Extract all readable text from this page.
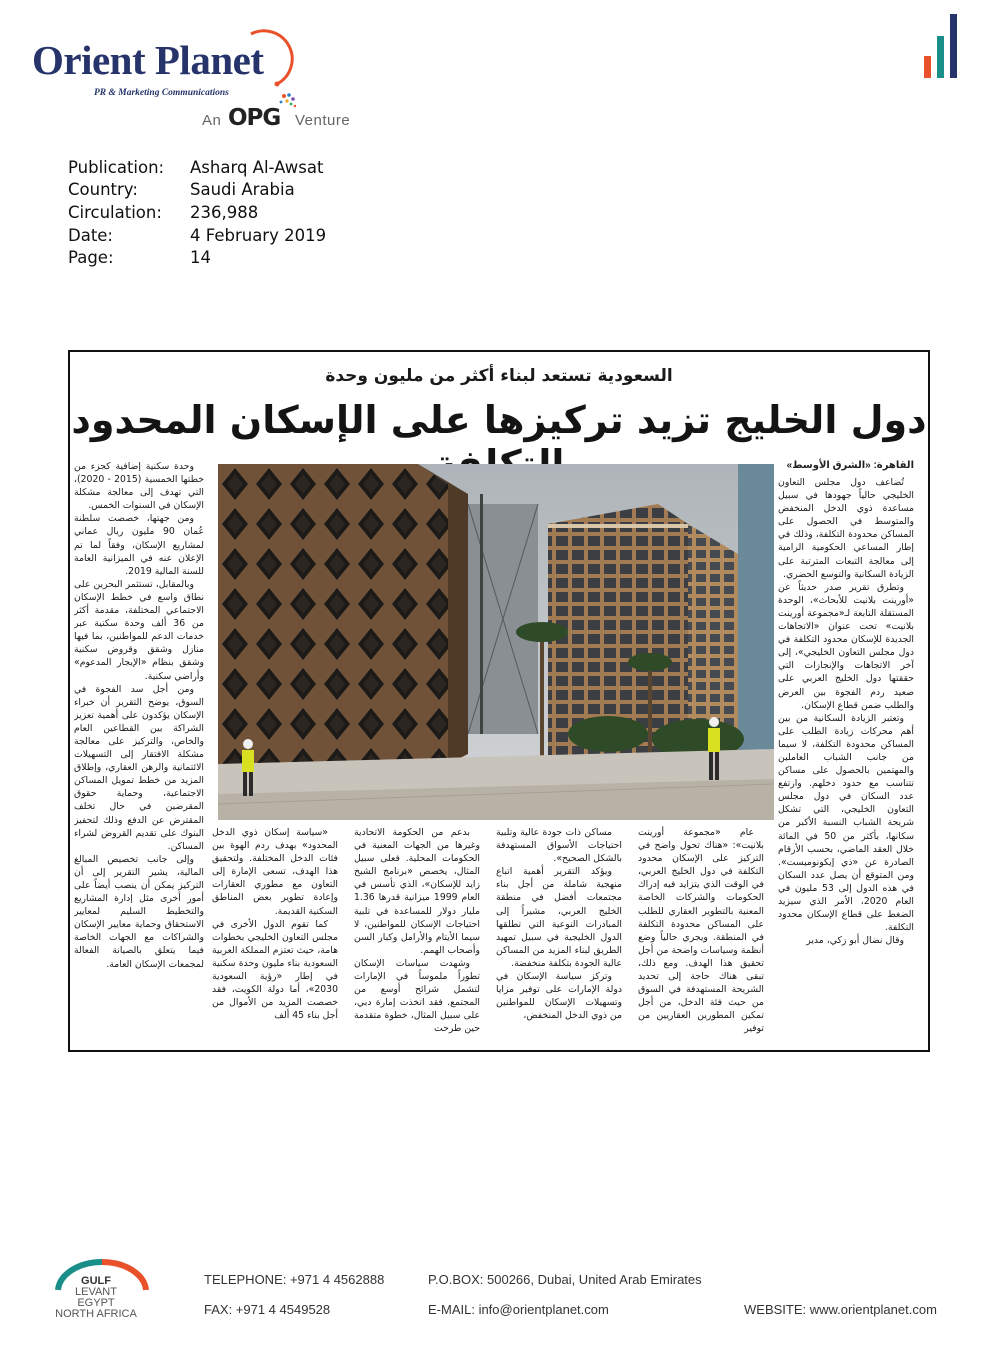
Orient Planet
PR & Marketing Communications
An OPG Venture
Publication:	Asharq Al-Awsat
Country:	Saudi Arabia
Circulation:	236,988
Date:	4 February 2019
Page:	14
السعودية تستعد لبناء أكثر من مليون وحدة
دول الخليج تزيد تركيزها على الإسكان المحدود
القاهرة: «الشرق الأوسط»

تُضاعف دول مجلس التعاون الخليجي حالياً جهودها في سبيل مساعدة ذوي الدخل المنخفض والمتوسط في الحصول على المساكن محدودة التكلفة، وذلك في إطار المساعي الحكومية الرامية إلى معالجة التبعات المترتبة على الزيادة السكانية والتوسع الحضري.

وتطرق تقرير صدر حديثاً عن «أورينت بلانيت للأبحاث»، الوحدة المستقلة التابعة لـ«مجموعة أورينت بلانيت» تحت عنوان «الاتجاهات الجديدة للإسكان محدود التكلفة في دول مجلس التعاون الخليجي»، إلى آخر الاتجاهات والإنجازات التي حققتها دول الخليج العربي على صعيد ردم الفجوة بين العرض والطلب ضمن قطاع الإسكان.

وتعتبر الزيادة السكانية من بين أهم محركات زيادة الطلب على المساكن محدودة التكلفة، لا سيما من جانب الشباب العاملين والمهتمين بالحصول على مساكن تتناسب مع حدود دخلهم. وارتفع عدد السكان في دول مجلس التعاون الخليجي، التي تشكل شريحة الشباب النسبة الأكبر من سكانها، بأكثر من 50 في المائة خلال العقد الماضي، بحسب الأرقام الصادرة عن «ذي إيكونوميست». ومن المتوقع أن يصل عدد السكان في هذه الدول إلى 53 مليون في العام 2020، الأمر الذي سيزيد الضغط على قطاع الإسكان محدود التكلفة.

وقال نضال أبو زكي، مدير

عام «مجموعة أورينت بلانيت»: «هناك تحول واضح في التركيز على الإسكان محدود التكلفة في دول الخليج العربي، في الوقت الذي يتزايد فيه إدراك الحكومات والشركات الخاصة المعنية بالتطوير العقاري للطلب على المساكن محدودة التكلفة في المنطقة. ويجري حالياً وضع أنظمة وسياسات واضحة من أجل تحقيق هذا الهدف. ومع ذلك، تبقى هناك حاجة إلى تحديد الشريحة المستهدفة في السوق من حيث فئة الدخل، من أجل تمكين المطورين العقاريين من توفير

مساكن ذات جودة عالية وتلبية احتياجات الأسواق المستهدفة بالشكل الصحيح».

ويؤكد التقرير أهمية اتباع منهجية شاملة من أجل بناء مجتمعات أفضل في منطقة الخليج العربي، مشيراً إلى المبادرات النوعية التي تطلقها الدول الخليجية في سبيل تمهيد الطريق لبناء المزيد من المساكن عالية الجودة بتكلفة منخفضة.

وتركز سياسة الإسكان في دولة الإمارات على توفير مزايا وتسهيلات الإسكان للمواطنين من ذوي الدخل المنخفض،

بدعم من الحكومة الاتحادية وغيرها من الجهات المعنية في الحكومات المحلية. فعلى سبيل المثال، يخصص «برنامج الشيخ زايد للإسكان»، الذي تأسس في العام 1999 ميزانية قدرها 1.36 مليار دولار للمساعدة في تلبية احتياجات الإسكان للمواطنين، لا سيما الأيتام والأرامل وكبار السن وأصحاب الهمم.

وشهدت سياسات الإسكان تطوراً ملموساً في الإمارات لتشمل شرائح أوسع من المجتمع. فقد اتخذت إمارة دبي، على سبيل المثال، خطوة متقدمة حين طرحت

«سياسة إسكان ذوي الدخل المحدود» بهدف ردم الهوة بين فئات الدخل المختلفة. ولتحقيق هذا الهدف، تسعى الإمارة إلى التعاون مع مطوري العقارات وإعادة تطوير بعض المناطق السكنية القديمة.

كما تقوم الدول الأخرى في مجلس التعاون الخليجي بخطوات هامة، حيث تعتزم المملكة العربية السعودية بناء مليون وحدة سكنية في إطار «رؤية السعودية 2030»، أما دولة الكويت، فقد خصصت المزيد من الأموال من أجل بناء 45 ألف

وحدة سكنية إضافية كجزء من خطتها الخمسية (2015 - 2020)، التي تهدف إلى معالجة مشكلة الإسكان في السنوات الخمس.

ومن جهتها، خصصت سلطنة عُمان 90 مليون ريال عماني لمشاريع الإسكان، وفقاً لما تم الإعلان عنه في الميزانية العامة للسنة المالية 2019.

وبالمقابل، تستثمر البحرين على نطاق واسع في خطط الإسكان الاجتماعي المختلفة، مقدمة أكثر من 36 ألف وحدة سكنية عبر خدمات الدعم للمواطنين، بما فيها منازل وشقق وقروض سكنية وشقق بنظام «الإيجار المدعوم» وأراضي سكنية.

ومن أجل سد الفجوة في السوق، يوضح التقرير أن خبراء الإسكان يؤكدون على أهمية تعزيز الشراكة بين القطاعين العام والخاص، والتركيز على معالجة مشكلة الافتقار إلى التسهيلات الائتمانية والرهن العقاري، وإطلاق المزيد من خطط تمويل المساكن الاجتماعية، وحماية حقوق المقرضين في حال تخلف المقترض عن الدفع وذلك لتحفيز البنوك على تقديم القروض لشراء المساكن.

وإلى جانب تخصيص المبالغ المالية، يشير التقرير إلى أن التركيز يمكن أن ينصب أيضاً على أمور أخرى مثل إدارة المشاريع والتخطيط السليم لمعايير الاستحقاق وحماية معايير الإسكان والشراكات مع الجهات الخاصة فيما يتعلق بالصيانة الفعالة لمجمعات الإسكان العامة.

GULF
LEVANT
EGYPT
NORTH AFRICA
TELEPHONE: +971 4 4562888
FAX: +971 4 4549528
P.O.BOX: 500266, Dubai, United Arab Emirates
E-MAIL: info@orientplanet.com	WEBSITE: www.orientplanet.com
